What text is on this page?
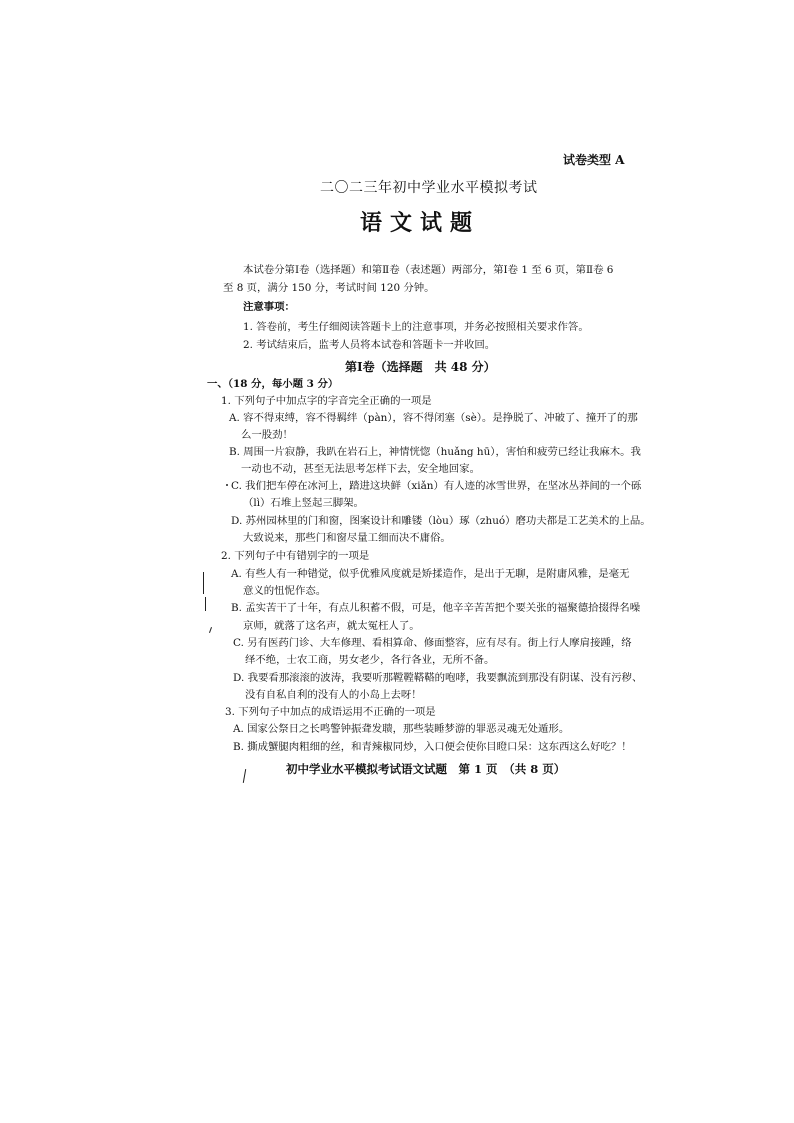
试卷类型 A
二〇二三年初中学业水平模拟考试
语文试题
本试卷分第Ⅰ卷（选择题）和第Ⅱ卷（表述题）两部分，第Ⅰ卷 1 至 6 页，第Ⅱ卷 6
至 8 页，满分 150 分，考试时间 120 分钟。
注意事项：
1. 答卷前，考生仔细阅读答题卡上的注意事项，并务必按照相关要求作答。
2. 考试结束后，监考人员将本试卷和答题卡一并收回。
第Ⅰ卷（选择题　共 48 分）
一、（18 分，每小题 3 分）
1. 下列句子中加点字的字音完全正确的一项是
A. 容不得束缚，容不得羁绊（pàn），容不得闭塞（sè）。是挣脱了、冲破了、撞开了的那
么一股劲！
B. 周围一片寂静，我趴在岩石上，神情恍惚（huǎng hū），害怕和疲劳已经让我麻木。我
一动也不动，甚至无法思考怎样下去，安全地回家。
C. 我们把车停在冰河上，踏进这块鲜（xiǎn）有人迹的冰雪世界，在坚冰丛莽间的一个砾
（lì）石堆上竖起三脚架。
D. 苏州园林里的门和窗，图案设计和雕镂（lòu）琢（zhuó）磨功夫都是工艺美术的上品。
大致说来，那些门和窗尽量工细而决不庸俗。
2. 下列句子中有错别字的一项是
A. 有些人有一种错觉，似乎优雅风度就是矫揉造作，是出于无聊，是附庸风雅，是毫无
意义的忸怩作态。
B. 孟实苦干了十年，有点儿积蓄不假，可是，他辛辛苦苦把个要关张的福聚德拾掇得名噪
京师，就落了这名声，就太冤枉人了。
C. 另有医药门诊、大车修理、看相算命、修面整容，应有尽有。街上行人摩肩接踵，络
绎不绝，士农工商，男女老少，各行各业，无所不备。
D. 我要看那滚滚的波涛，我要听那鞺鞺鞳鞳的咆哮，我要飘流到那没有阴谋、没有污秽、
没有自私自利的没有人的小岛上去呀！
3. 下列句子中加点的成语运用不正确的一项是
A. 国家公祭日之长鸣警钟振聋发聩，那些装睡梦游的罪恶灵魂无处遁形。
B. 撕成蟹腿肉粗细的丝，和青辣椒同炒，入口便会使你目瞪口呆：这东西这么好吃？！
初中学业水平模拟考试语文试题　第 1 页　（共 8 页）
